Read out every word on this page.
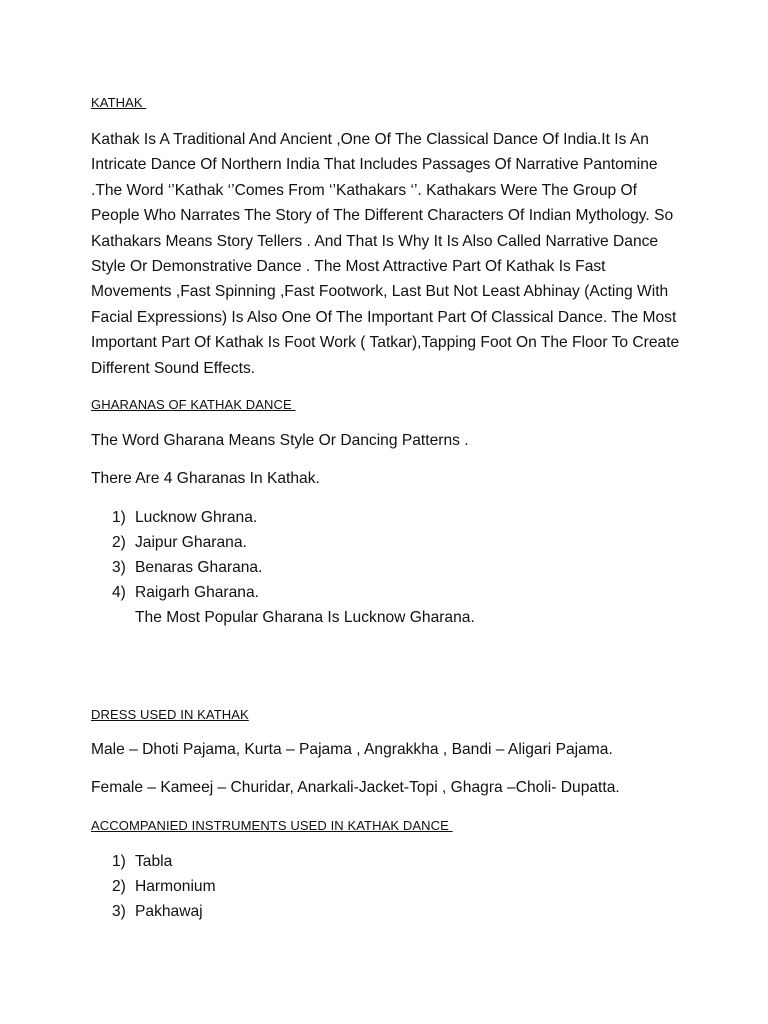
KATHAK

Kathak Is A Traditional And Ancient ,One Of The Classical Dance Of India.It Is An Intricate Dance Of Northern India That Includes Passages Of Narrative Pantomine .The Word ‘’Kathak ‘’Comes From ‘’Kathakars ‘’. Kathakars Were The Group Of People Who Narrates The Story of The Different Characters Of Indian Mythology. So Kathakars Means Story Tellers . And That Is Why It Is Also Called Narrative Dance Style Or Demonstrative Dance . The Most Attractive Part Of Kathak Is Fast Movements ,Fast Spinning ,Fast Footwork, Last But Not Least Abhinay (Acting With Facial Expressions) Is Also One Of The Important Part Of Classical Dance. The Most Important Part Of Kathak Is Foot Work ( Tatkar),Tapping Foot On The Floor To Create Different Sound Effects.

GHARANAS OF KATHAK DANCE

The Word Gharana Means Style Or Dancing Patterns .

There Are 4 Gharanas In Kathak.

1) Lucknow Ghrana.
2) Jaipur Gharana.
3) Benaras Gharana.
4) Raigarh Gharana.
The Most Popular Gharana Is Lucknow Gharana.
DRESS USED IN KATHAK

Male – Dhoti Pajama, Kurta – Pajama , Angrakkha , Bandi – Aligari Pajama.

Female – Kameej – Churidar, Anarkali-Jacket-Topi , Ghagra –Choli- Dupatta.

ACCOMPANIED INSTRUMENTS USED IN KATHAK DANCE
1) Tabla
2) Harmonium
3) Pakhawaj
